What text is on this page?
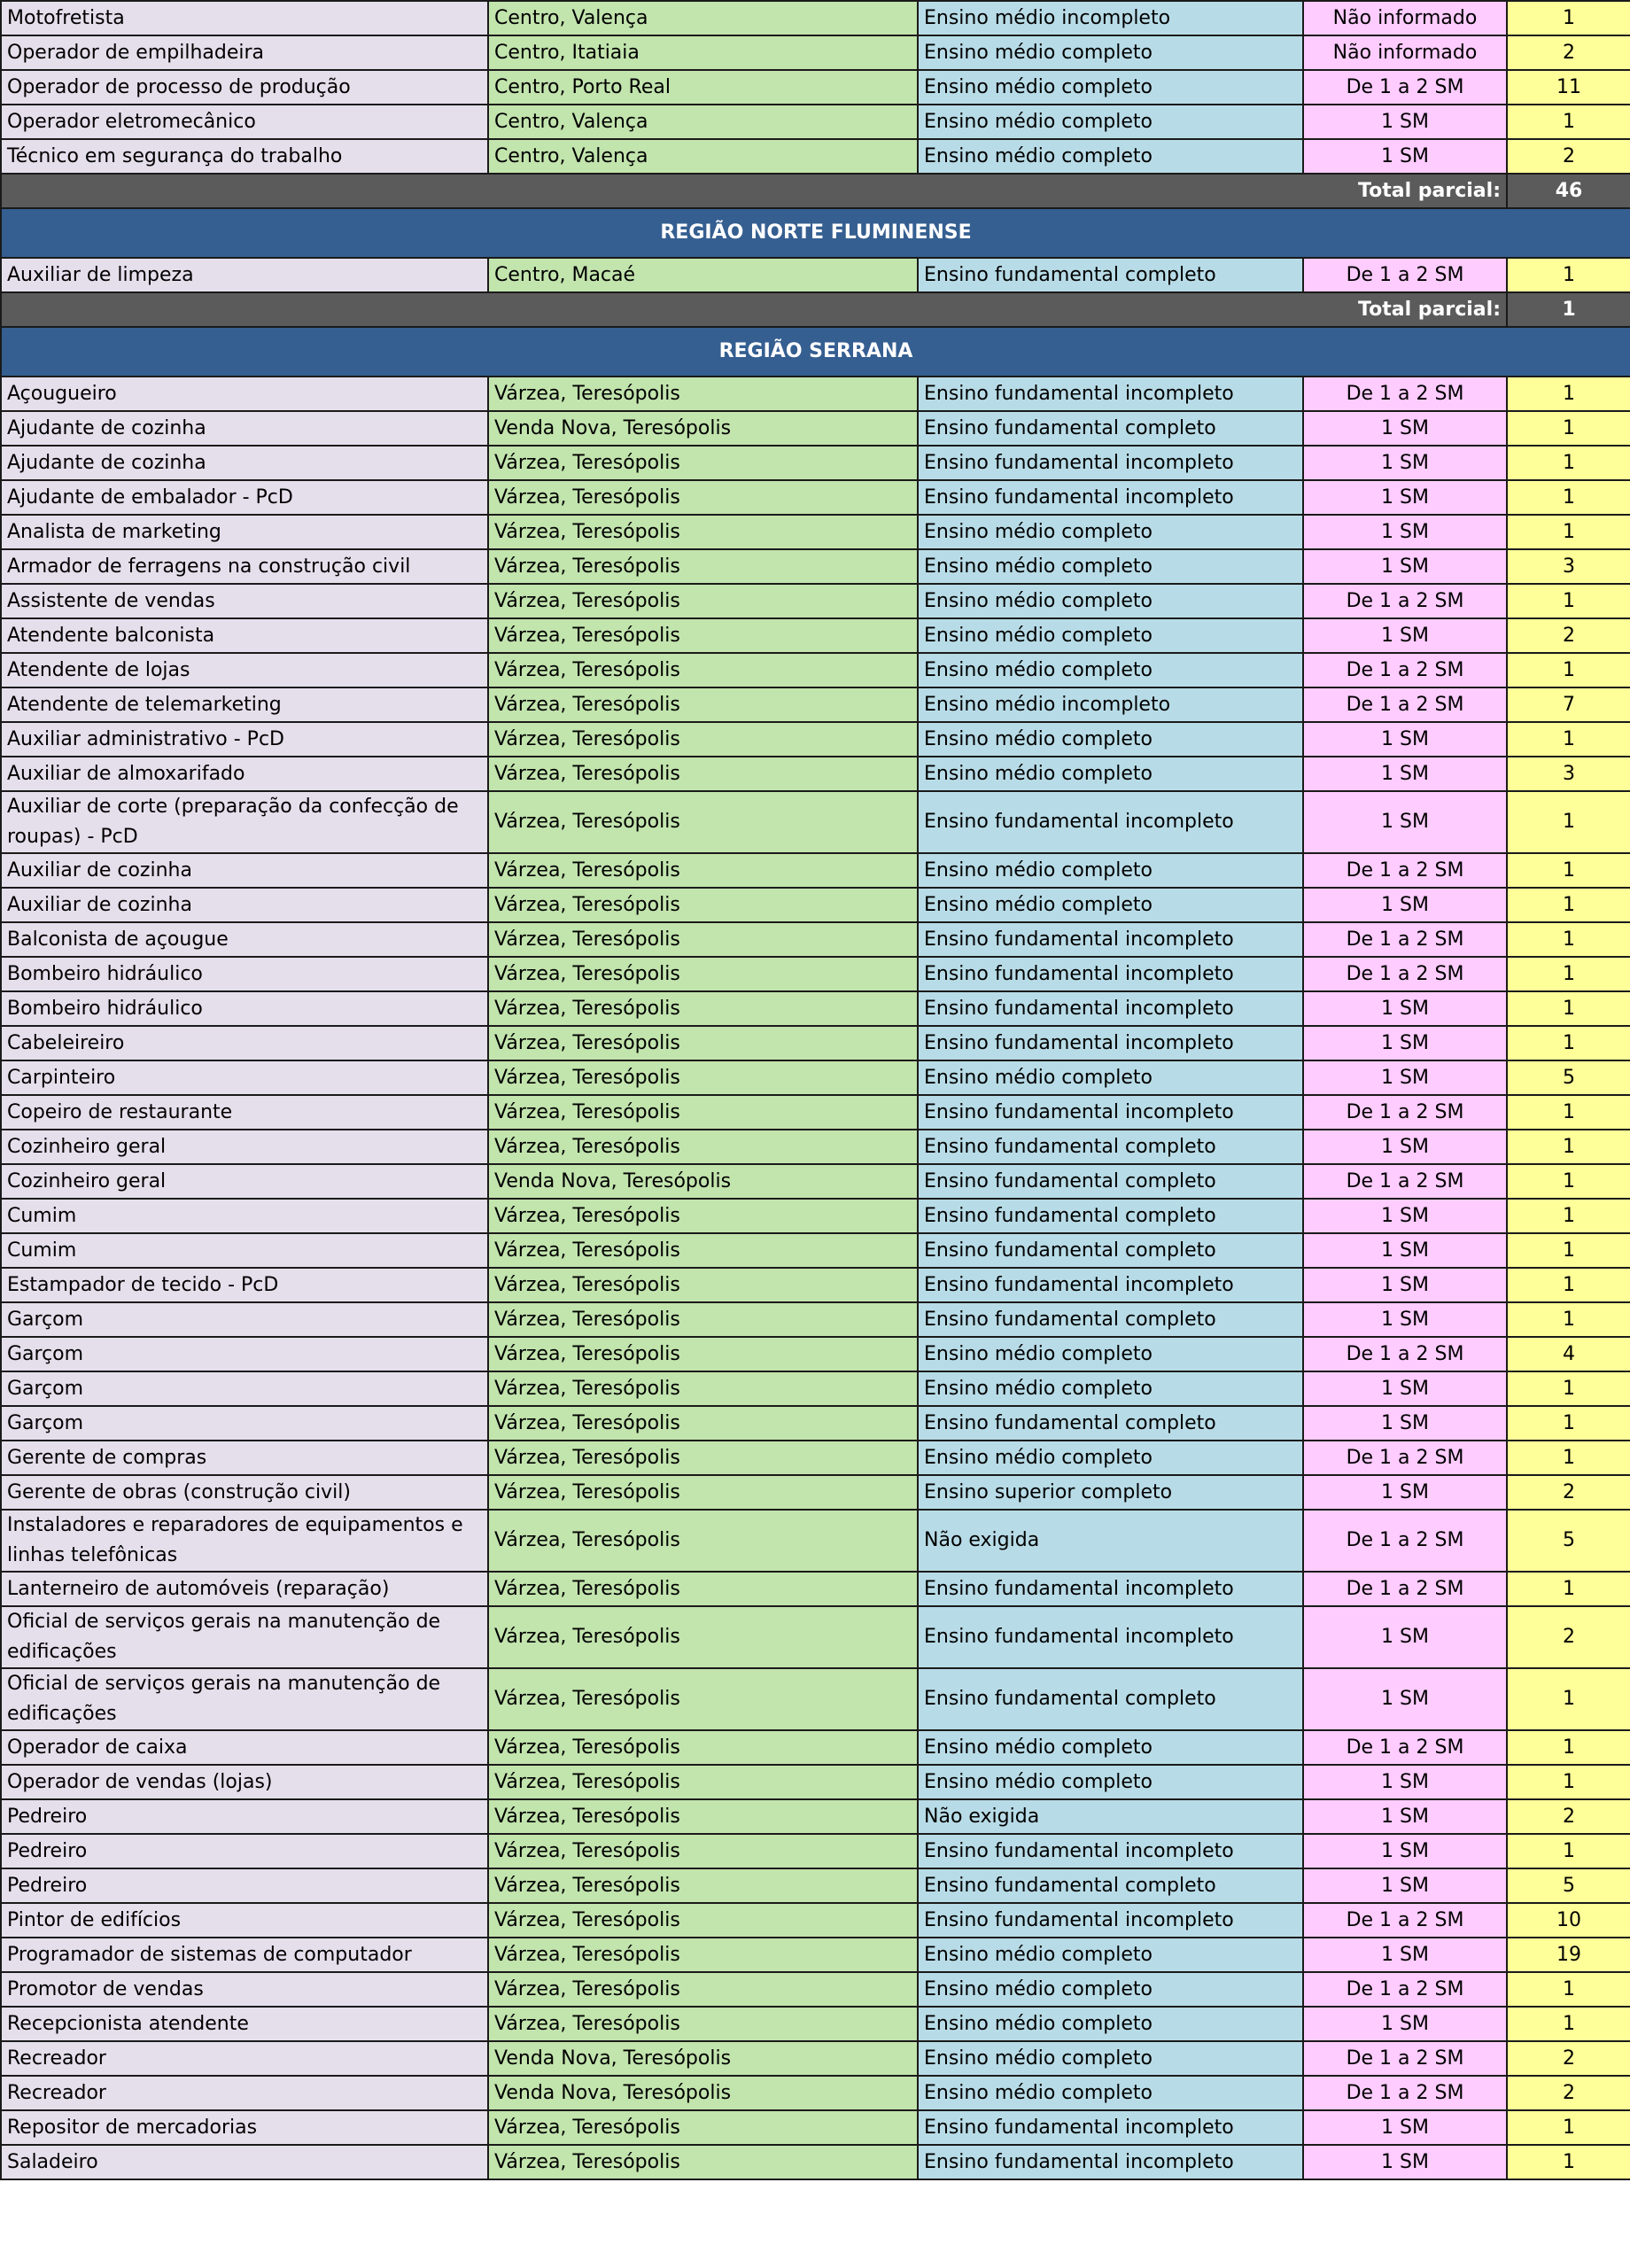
Motofretista	Centro, Valença	Ensino médio incompleto	Não informado	1
Operador de empilhadeira	Centro, Itatiaia	Ensino médio completo	Não informado	2
Operador de processo de produção	Centro, Porto Real	Ensino médio completo	De 1 a 2 SM	11
Operador eletromecânico	Centro, Valença	Ensino médio completo	1 SM	1
Técnico em segurança do trabalho	Centro, Valença	Ensino médio completo	1 SM	2
Total parcial:				46
REGIÃO NORTE FLUMINENSE				
Auxiliar de limpeza	Centro, Macaé	Ensino fundamental completo	De 1 a 2 SM	1
Total parcial:				1
REGIÃO SERRANA				
Açougueiro	Várzea, Teresópolis	Ensino fundamental incompleto	De 1 a 2 SM	1
Ajudante de cozinha	Venda Nova, Teresópolis	Ensino fundamental completo	1 SM	1
Ajudante de cozinha	Várzea, Teresópolis	Ensino fundamental incompleto	1 SM	1
Ajudante de embalador - PcD	Várzea, Teresópolis	Ensino fundamental incompleto	1 SM	1
Analista de marketing	Várzea, Teresópolis	Ensino médio completo	1 SM	1
Armador de ferragens na construção civil	Várzea, Teresópolis	Ensino médio completo	1 SM	3
Assistente de vendas	Várzea, Teresópolis	Ensino médio completo	De 1 a 2 SM	1
Atendente balconista	Várzea, Teresópolis	Ensino médio completo	1 SM	2
Atendente de lojas	Várzea, Teresópolis	Ensino médio completo	De 1 a 2 SM	1
Atendente de telemarketing	Várzea, Teresópolis	Ensino médio incompleto	De 1 a 2 SM	7
Auxiliar administrativo - PcD	Várzea, Teresópolis	Ensino médio completo	1 SM	1
Auxiliar de almoxarifado	Várzea, Teresópolis	Ensino médio completo	1 SM	3
Auxiliar de corte (preparação da confecção de roupas) - PcD	Várzea, Teresópolis	Ensino fundamental incompleto	1 SM	1
Auxiliar de cozinha	Várzea, Teresópolis	Ensino médio completo	De 1 a 2 SM	1
Auxiliar de cozinha	Várzea, Teresópolis	Ensino médio completo	1 SM	1
Balconista de açougue	Várzea, Teresópolis	Ensino fundamental incompleto	De 1 a 2 SM	1
Bombeiro hidráulico	Várzea, Teresópolis	Ensino fundamental incompleto	De 1 a 2 SM	1
Bombeiro hidráulico	Várzea, Teresópolis	Ensino fundamental incompleto	1 SM	1
Cabeleireiro	Várzea, Teresópolis	Ensino fundamental incompleto	1 SM	1
Carpinteiro	Várzea, Teresópolis	Ensino médio completo	1 SM	5
Copeiro de restaurante	Várzea, Teresópolis	Ensino fundamental incompleto	De 1 a 2 SM	1
Cozinheiro geral	Várzea, Teresópolis	Ensino fundamental completo	1 SM	1
Cozinheiro geral	Venda Nova, Teresópolis	Ensino fundamental completo	De 1 a 2 SM	1
Cumim	Várzea, Teresópolis	Ensino fundamental completo	1 SM	1
Cumim	Várzea, Teresópolis	Ensino fundamental completo	1 SM	1
Estampador de tecido - PcD	Várzea, Teresópolis	Ensino fundamental incompleto	1 SM	1
Garçom	Várzea, Teresópolis	Ensino fundamental completo	1 SM	1
Garçom	Várzea, Teresópolis	Ensino médio completo	De 1 a 2 SM	4
Garçom	Várzea, Teresópolis	Ensino médio completo	1 SM	1
Garçom	Várzea, Teresópolis	Ensino fundamental completo	1 SM	1
Gerente de compras	Várzea, Teresópolis	Ensino médio completo	De 1 a 2 SM	1
Gerente de obras (construção civil)	Várzea, Teresópolis	Ensino superior completo	1 SM	2
Instaladores e reparadores de equipamentos e linhas telefônicas	Várzea, Teresópolis	Não exigida	De 1 a 2 SM	5
Lanterneiro de automóveis (reparação)	Várzea, Teresópolis	Ensino fundamental incompleto	De 1 a 2 SM	1
Oficial de serviços gerais na manutenção de edificações	Várzea, Teresópolis	Ensino fundamental incompleto	1 SM	2
Oficial de serviços gerais na manutenção de edificações	Várzea, Teresópolis	Ensino fundamental completo	1 SM	1
Operador de caixa	Várzea, Teresópolis	Ensino médio completo	De 1 a 2 SM	1
Operador de vendas (lojas)	Várzea, Teresópolis	Ensino médio completo	1 SM	1
Pedreiro	Várzea, Teresópolis	Não exigida	1 SM	2
Pedreiro	Várzea, Teresópolis	Ensino fundamental incompleto	1 SM	1
Pedreiro	Várzea, Teresópolis	Ensino fundamental completo	1 SM	5
Pintor de edifícios	Várzea, Teresópolis	Ensino fundamental incompleto	De 1 a 2 SM	10
Programador de sistemas de computador	Várzea, Teresópolis	Ensino médio completo	1 SM	19
Promotor de vendas	Várzea, Teresópolis	Ensino médio completo	De 1 a 2 SM	1
Recepcionista atendente	Várzea, Teresópolis	Ensino médio completo	1 SM	1
Recreador	Venda Nova, Teresópolis	Ensino médio completo	De 1 a 2 SM	2
Recreador	Venda Nova, Teresópolis	Ensino médio completo	De 1 a 2 SM	2
Repositor de mercadorias	Várzea, Teresópolis	Ensino fundamental incompleto	1 SM	1
Saladeiro	Várzea, Teresópolis	Ensino fundamental incompleto	1 SM	1
